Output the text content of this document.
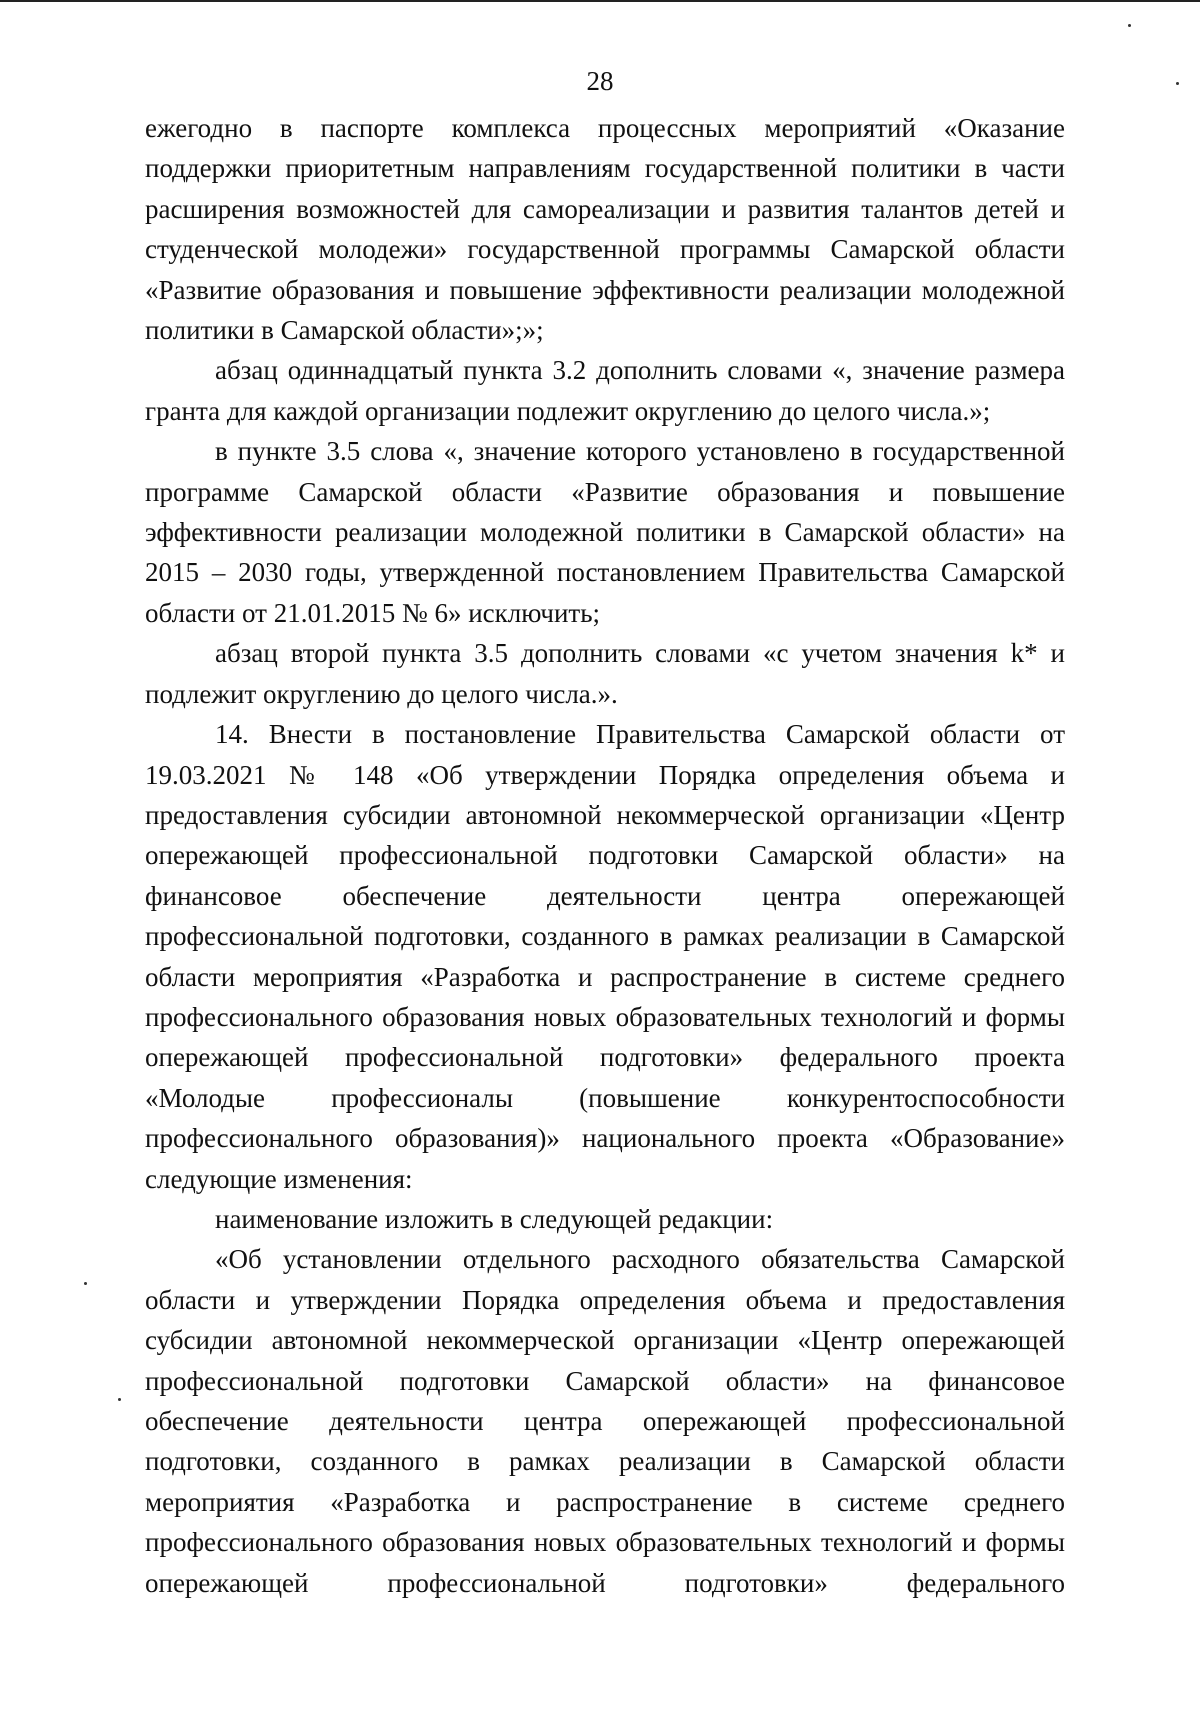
28

ежегодно в паспорте комплекса процессных мероприятий «Оказание поддержки приоритетным направлениям государственной политики в части расширения возможностей для самореализации и развития талантов детей и студенческой молодежи» государственной программы Самарской области «Развитие образования и повышение эффективности реализации молодежной политики в Самарской области»;»;

абзац одиннадцатый пункта 3.2 дополнить словами «, значение размера гранта для каждой организации подлежит округлению до целого числа.»;

в пункте 3.5 слова «, значение которого установлено в государственной программе Самарской области «Развитие образования и повышение эффективности реализации молодежной политики в Самарской области» на 2015 – 2030 годы, утвержденной постановлением Правительства Самарской области от 21.01.2015 № 6» исключить;

абзац второй пункта 3.5 дополнить словами «с учетом значения k* и подлежит округлению до целого числа.».

14. Внести в постановление Правительства Самарской области от 19.03.2021 № 148 «Об утверждении Порядка определения объема и предоставления субсидии автономной некоммерческой организации «Центр опережающей профессиональной подготовки Самарской области» на финансовое обеспечение деятельности центра опережающей профессиональной подготовки, созданного в рамках реализации в Самарской области мероприятия «Разработка и распространение в системе среднего профессионального образования новых образовательных технологий и формы опережающей профессиональной подготовки» федерального проекта «Молодые профессионалы (повышение конкурентоспособности профессионального образования)» национального проекта «Образование» следующие изменения:

наименование изложить в следующей редакции:

«Об установлении отдельного расходного обязательства Самарской области и утверждении Порядка определения объема и предоставления субсидии автономной некоммерческой организации «Центр опережающей профессиональной подготовки Самарской области» на финансовое обеспечение деятельности центра опережающей профессиональной подготовки, созданного в рамках реализации в Самарской области мероприятия «Разработка и распространение в системе среднего профессионального образования новых образовательных технологий и формы опережающей профессиональной подготовки» федерального
